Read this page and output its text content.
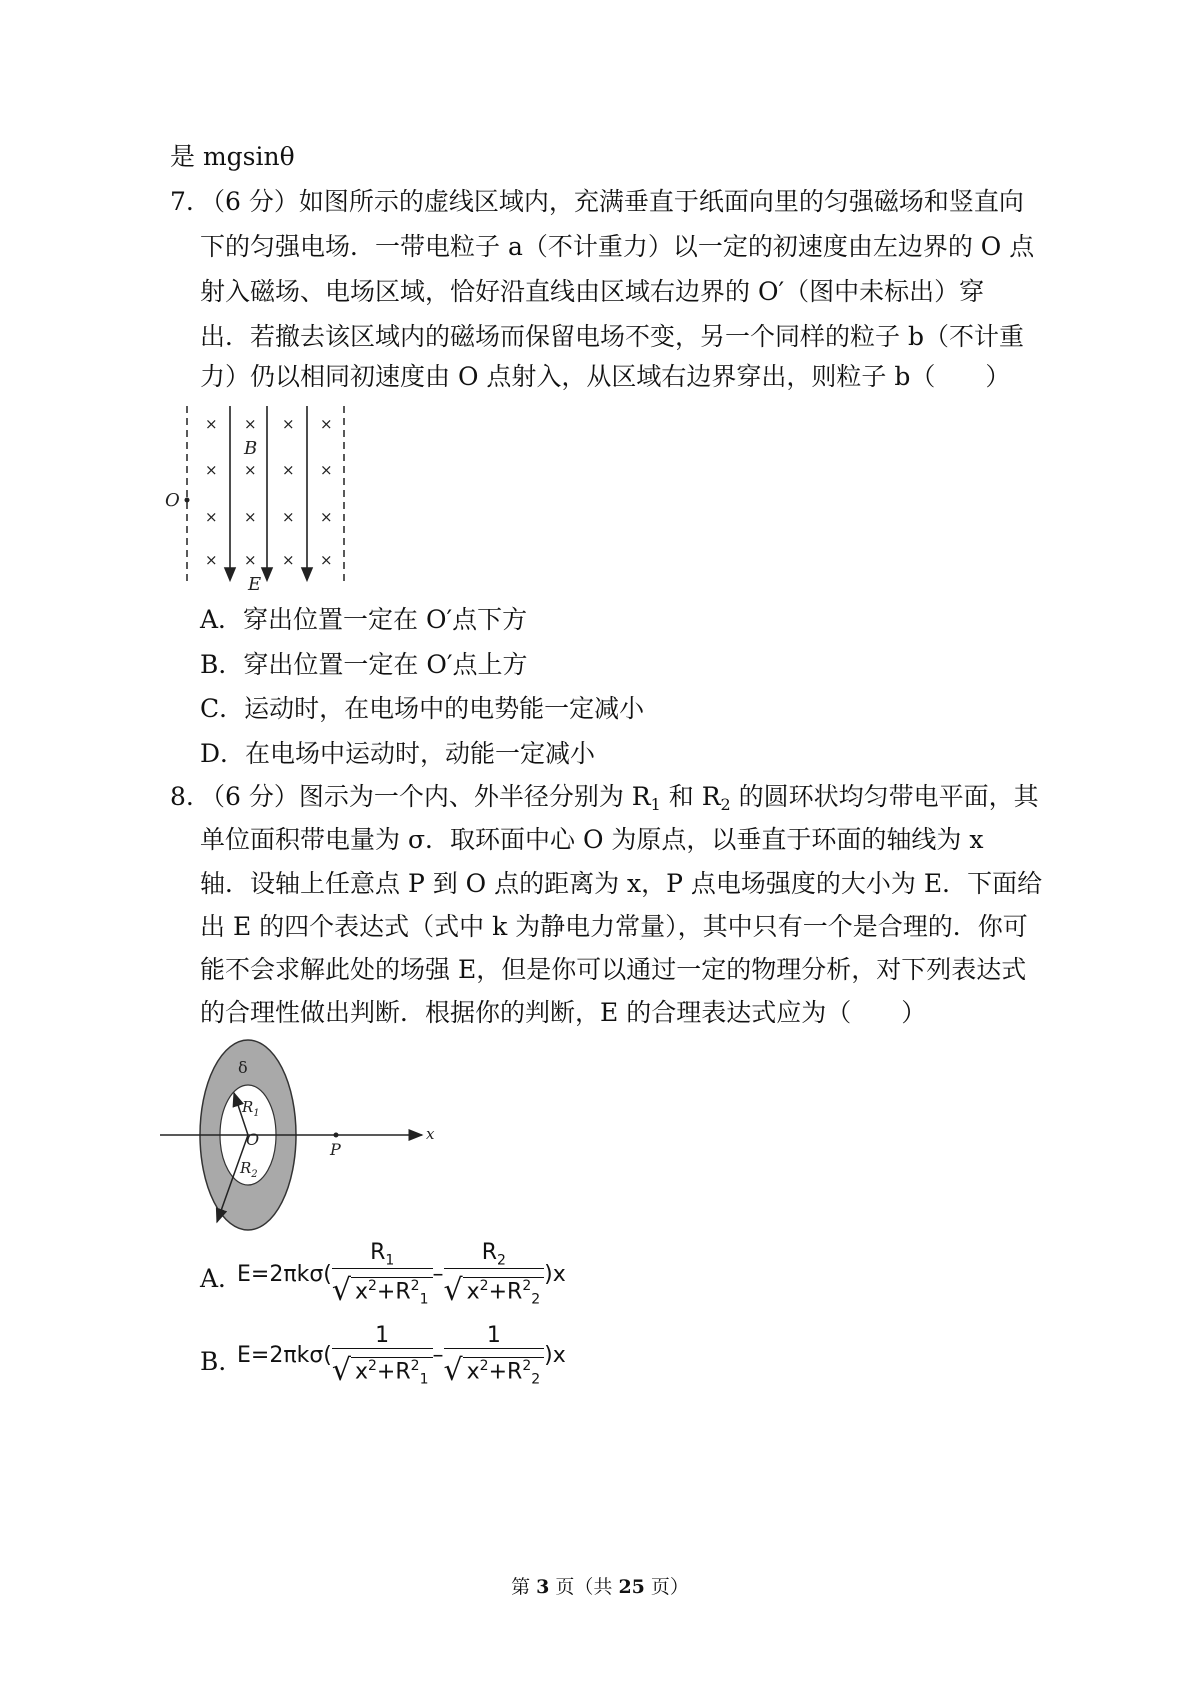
是 mgsinθ
7. （6 分）如图所示的虚线区域内，充满垂直于纸面向里的匀强磁场和竖直向
下的匀强电场．一带电粒子 a（不计重力）以一定的初速度由左边界的 O 点
射入磁场、电场区域，恰好沿直线由区域右边界的 O′（图中未标出）穿
出．若撤去该区域内的磁场而保留电场不变，另一个同样的粒子 b（不计重
力）仍以相同初速度由 O 点射入，从区域右边界穿出，则粒子 b（　　）
× × × ×
× × × ×
× × × ×
× × × ×
B
E
O
A．穿出位置一定在 O′点下方
B．穿出位置一定在 O′点上方
C．运动时，在电场中的电势能一定减小
D．在电场中运动时，动能一定减小
8. （6 分）图示为一个内、外半径分别为 $R_1$ 和 $R_2$ 的圆环状均匀带电平面，其
单位面积带电量为 σ．取环面中心 O 为原点，以垂直于环面的轴线为 x
轴．设轴上任意点 P 到 O 点的距离为 x，P 点电场强度的大小为 E．下面给
出 E 的四个表达式（式中 k 为静电力常量），其中只有一个是合理的．你可
能不会求解此处的场强 E，但是你可以通过一定的物理分析，对下列表达式
的合理性做出判断．根据你的判断，E 的合理表达式应为（　　）
δ
$R_1$
O
$R_2$
P
x
A．
$E=2\pi k\sigma( \frac{R_1}{√ x^2+R^2_1} - \frac{R_2}{√ x^2+R^2_2} )x$
B．
$E=2\pi k\sigma( \frac{1}{√ x^2+R^2_1} - \frac{1}{√ x^2+R^2_2} )x$
第 3 页（共 25 页）
